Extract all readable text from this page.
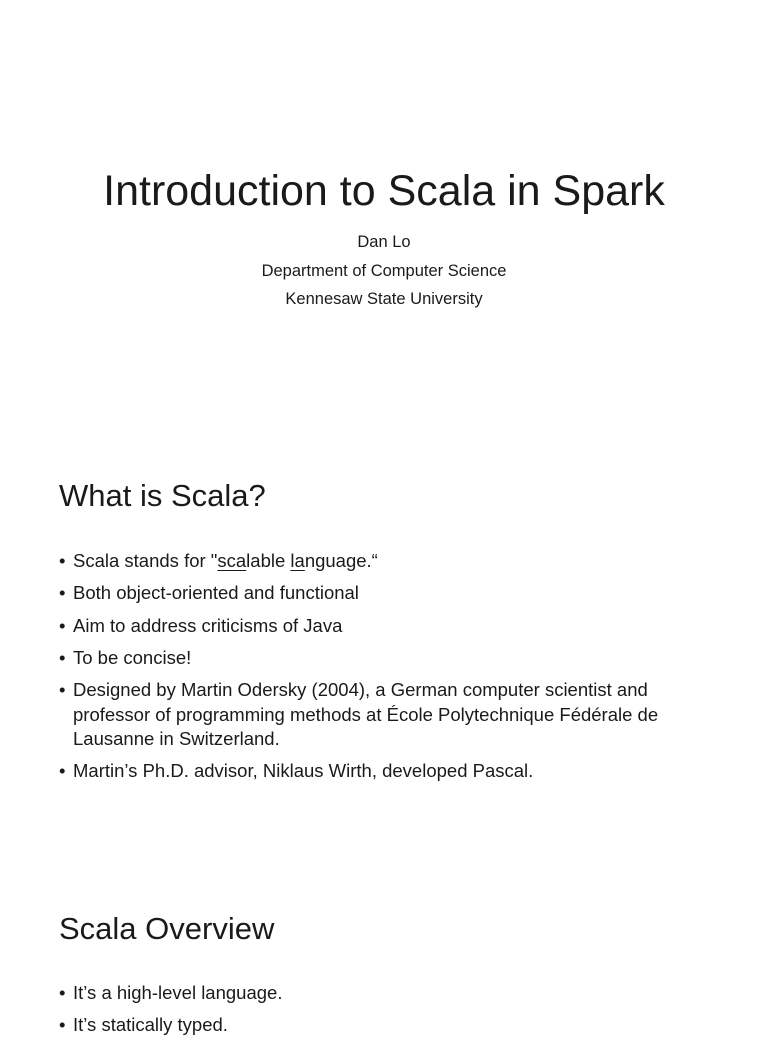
Introduction to Scala in Spark
Dan Lo
Department of Computer Science
Kennesaw State University
What is Scala?
• Scala stands for "scalable language.“
• Both object-oriented and functional
• Aim to address criticisms of Java
• To be concise!
• Designed by Martin Odersky (2004), a German computer scientist and professor of programming methods at École Polytechnique Fédérale de Lausanne in Switzerland.
• Martin’s Ph.D. advisor, Niklaus Wirth, developed Pascal.
Scala Overview
• It’s a high-level language.
• It’s statically typed.
